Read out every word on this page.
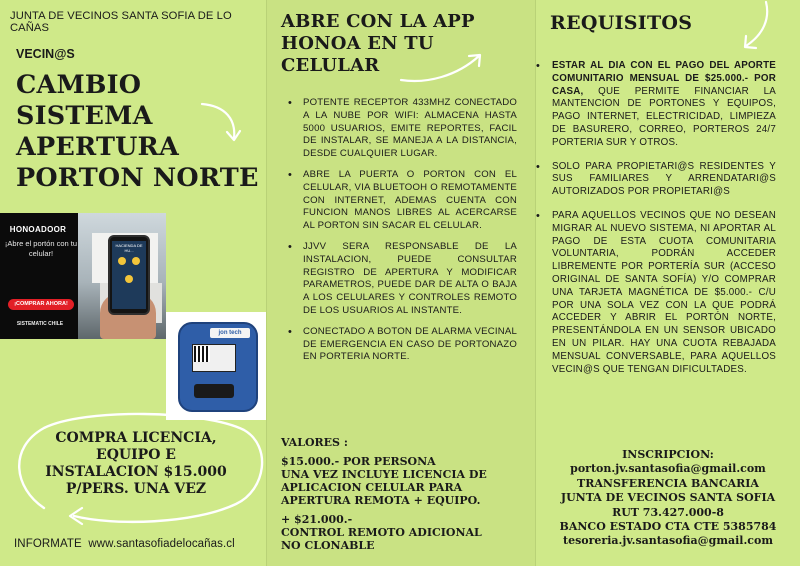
JUNTA DE VECINOS SANTA SOFIA DE LO CAÑAS
VECIN@S
CAMBIO
SISTEMA
APERTURA
PORTON NORTE
HONOADOOR
¡Abre el portón con tu celular!
¡COMPRAR AHORA!
SISTEMATIC CHILE
HACIENDA DE HU...
jon tech
COMPRA LICENCIA,
EQUIPO E
INSTALACION $15.000
P/PERS. UNA VEZ
INFORMATE www.santasofiadelocañas.cl
ABRE CON LA APP
HONOA EN TU
CELULAR
• POTENTE RECEPTOR 433MHZ CONECTADO A LA NUBE POR WIFI: ALMACENA HASTA 5000 USUARIOS, EMITE REPORTES, FACIL DE INSTALAR, SE MANEJA A LA DISTANCIA, DESDE CUALQUIER LUGAR.
• ABRE LA PUERTA O PORTON CON EL CELULAR, VIA BLUETOOH O REMOTAMENTE CON INTERNET, ADEMAS CUENTA CON FUNCION MANOS LIBRES AL ACERCARSE AL PORTON SIN SACAR EL CELULAR.
• JJVV SERA RESPONSABLE DE LA INSTALACION, PUEDE CONSULTAR REGISTRO DE APERTURA Y MODIFICAR PARAMETROS, PUEDE DAR DE ALTA O BAJA A LOS CELULARES Y CONTROLES REMOTO DE LOS USUARIOS AL INSTANTE.
• CONECTADO A BOTON DE ALARMA VECINAL DE EMERGENCIA EN CASO DE PORTONAZO EN PORTERIA NORTE.
VALORES :
$15.000.- POR PERSONA
UNA VEZ INCLUYE LICENCIA DE
APLICACION CELULAR PARA
APERTURA REMOTA + EQUIPO.
+ $21.000.-
CONTROL REMOTO ADICIONAL
NO CLONABLE
REQUISITOS
• ESTAR AL DIA CON EL PAGO DEL APORTE COMUNITARIO MENSUAL DE $25.000.- POR CASA, QUE PERMITE FINANCIAR LA MANTENCION DE PORTONES Y EQUIPOS, PAGO INTERNET, ELECTRICIDAD, LIMPIEZA DE BASURERO, CORREO, PORTEROS 24/7 PORTERIA SUR Y OTROS.
• SOLO PARA PROPIETARI@S RESIDENTES Y SUS FAMILIARES Y ARRENDATARI@S AUTORIZADOS POR PROPIETARI@S
• PARA AQUELLOS VECINOS QUE NO DESEAN MIGRAR AL NUEVO SISTEMA, NI APORTAR AL PAGO DE ESTA CUOTA COMUNITARIA VOLUNTARIA, PODRÁN ACCEDER LIBREMENTE POR PORTERÍA SUR (ACCESO ORIGINAL DE SANTA SOFÍA) Y/O COMPRAR UNA TARJETA MAGNÉTICA DE $5.000.- C/U POR UNA SOLA VEZ CON LA QUE PODRÁ ACCEDER Y ABRIR EL PORTÓN NORTE, PRESENTÁNDOLA EN UN SENSOR UBICADO EN UN PILAR. HAY UNA CUOTA REBAJADA MENSUAL CONVERSABLE, PARA AQUELLOS VECIN@S QUE TENGAN DIFICULTADES.
INSCRIPCION:
porton.jv.santasofia@gmail.com
TRANSFERENCIA BANCARIA
JUNTA DE VECINOS SANTA SOFIA
RUT 73.427.000-8
BANCO ESTADO CTA CTE 5385784
tesoreria.jv.santasofia@gmail.com
